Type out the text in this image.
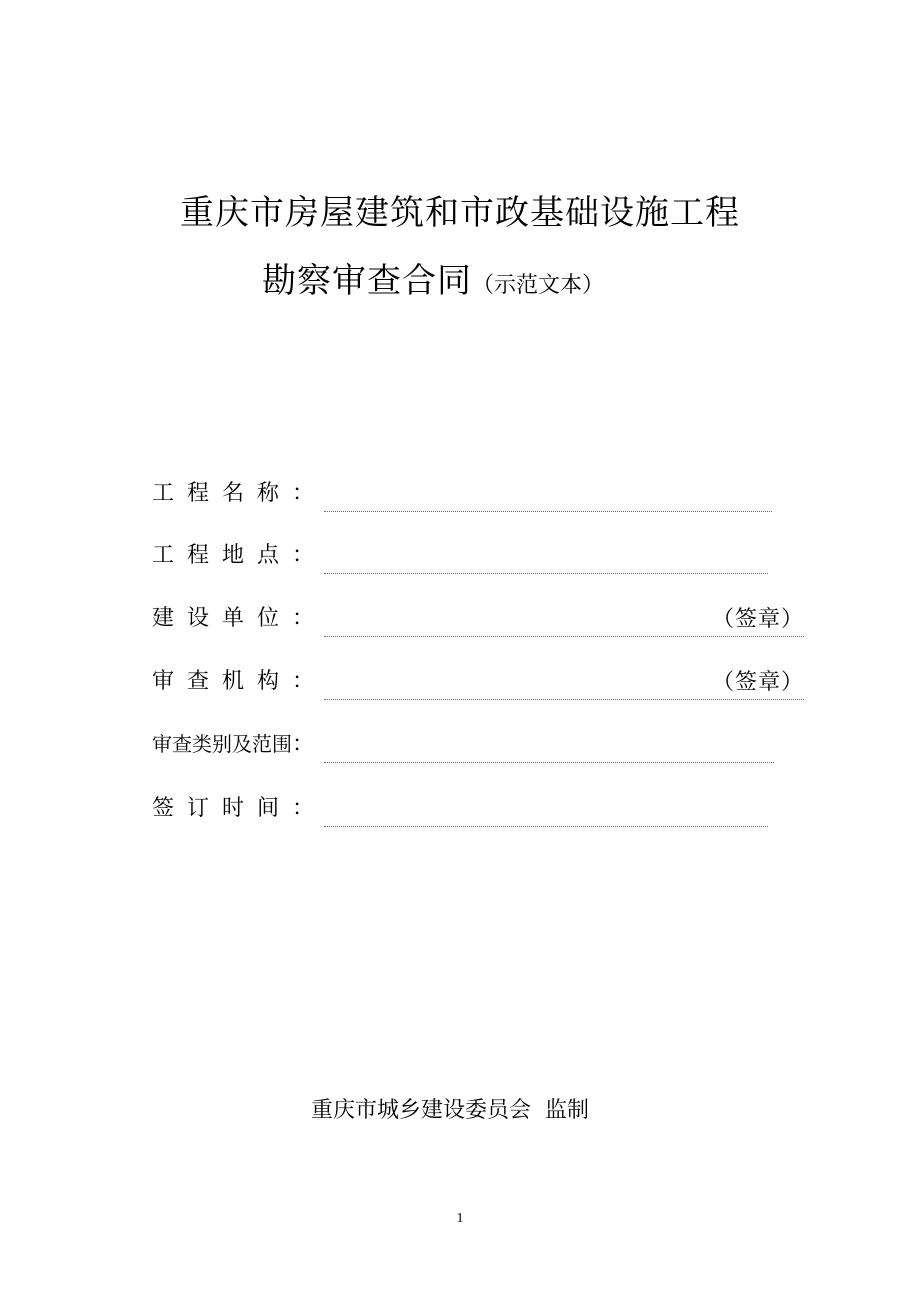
重庆市房屋建筑和市政基础设施工程
勘察审查合同（示范文本）
工程名称：
工程地点：
建设单位：	（签章）
审查机构：	（签章）
审查类别及范围：
签订时间：
重庆市城乡建设委员会  监制
1
